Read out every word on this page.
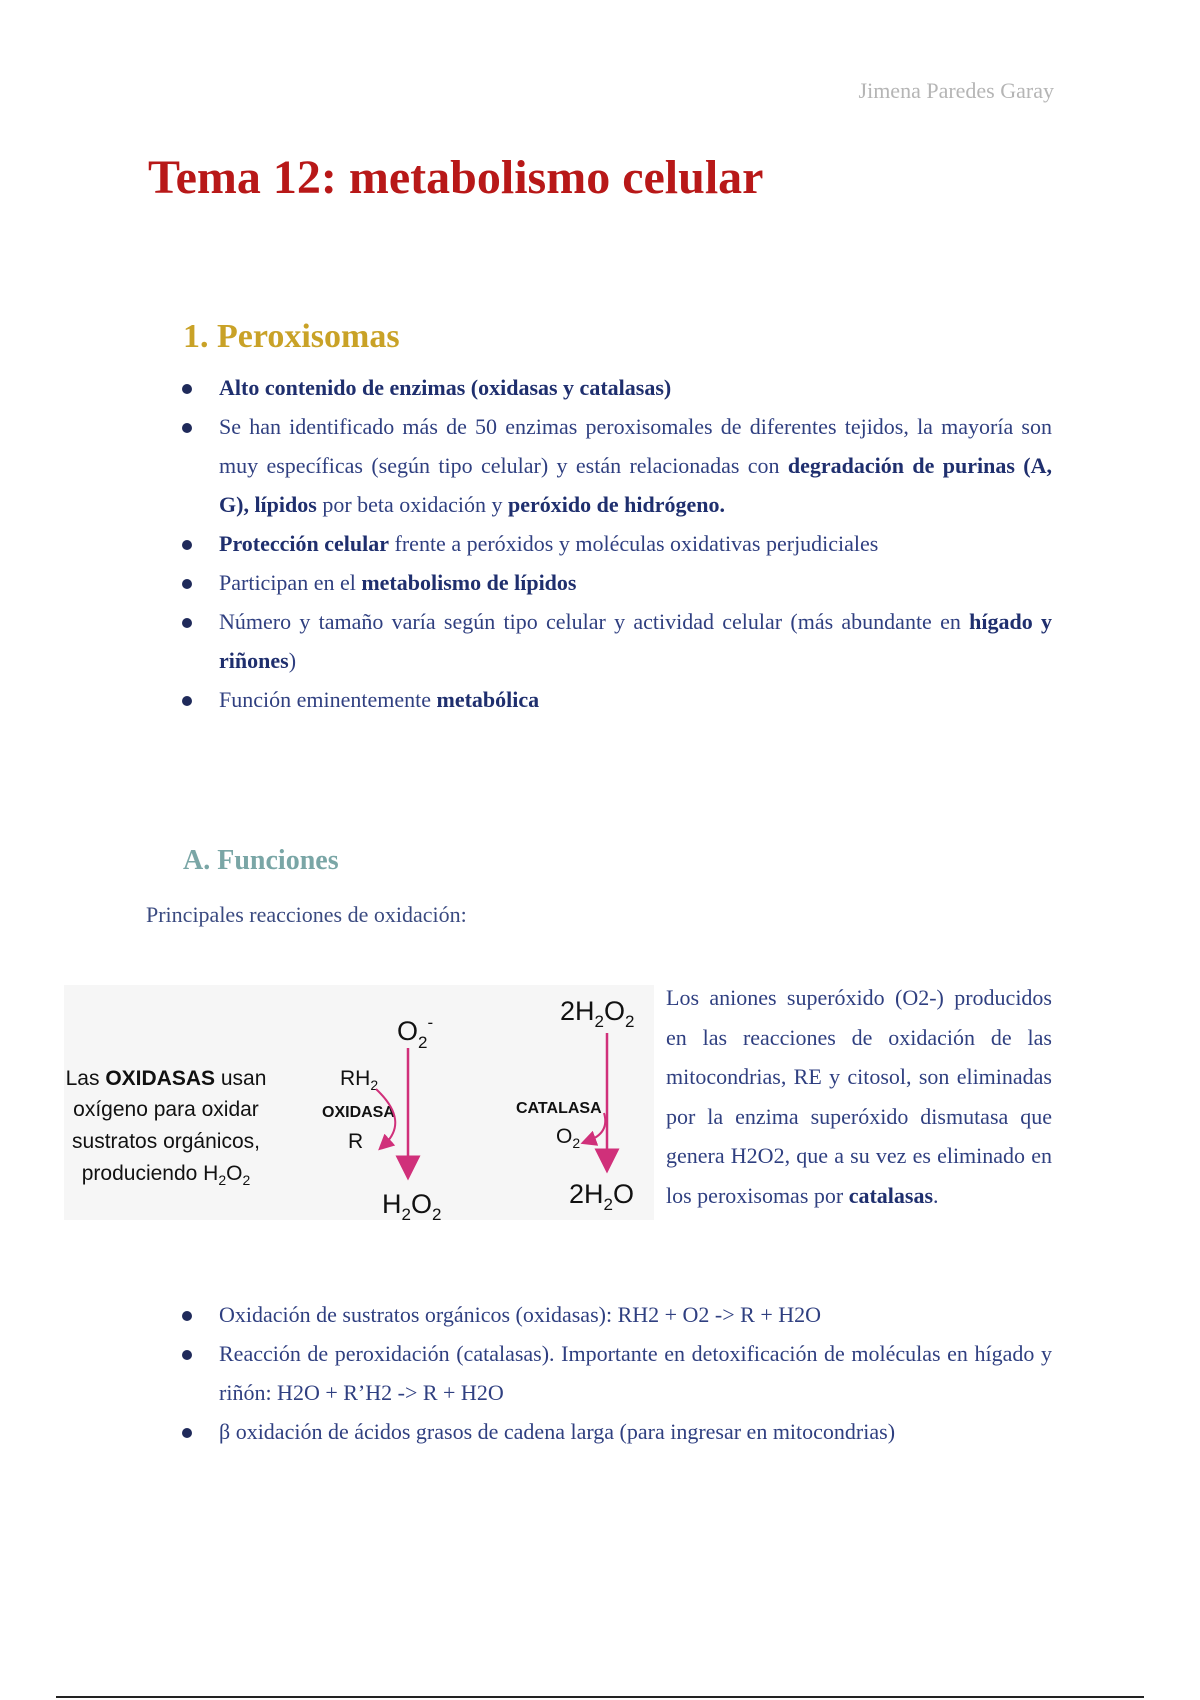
Jimena Paredes Garay
Tema 12: metabolismo celular
1. Peroxisomas
Alto contenido de enzimas (oxidasas y catalasas)
Se han identificado más de 50 enzimas peroxisomales de diferentes tejidos, la mayoría son muy específicas (según tipo celular) y están relacionadas con degradación de purinas (A, G), lípidos por beta oxidación y peróxido de hidrógeno.
Protección celular frente a peróxidos y moléculas oxidativas perjudiciales
Participan en el metabolismo de lípidos
Número y tamaño varía según tipo celular y actividad celular (más abundante en hígado y riñones)
Función eminentemente metabólica
A. Funciones

Principales reacciones de oxidación:

Las OXIDASAS usan
oxígeno para oxidar
sustratos orgánicos,
produciendo $H_2O_2$
$O_2^-$
$RH_2$
OXIDASA
R
$H_2O_2$
$2H_2O_2$
CATALASA
$O_2$
$2H_2O$

Los aniones superóxido (O2-) producidos en las reacciones de oxidación de las mitocondrias, RE y citosol, son eliminadas por la enzima superóxido dismutasa que genera H2O2, que a su vez es eliminado en los peroxisomas por catalasas.

Oxidación de sustratos orgánicos (oxidasas): RH2 + O2 -> R + H2O
Reacción de peroxidación (catalasas). Importante en detoxificación de moléculas en hígado y riñón: H2O + R’H2 -> R + H2O
β oxidación de ácidos grasos de cadena larga (para ingresar en mitocondrias)
